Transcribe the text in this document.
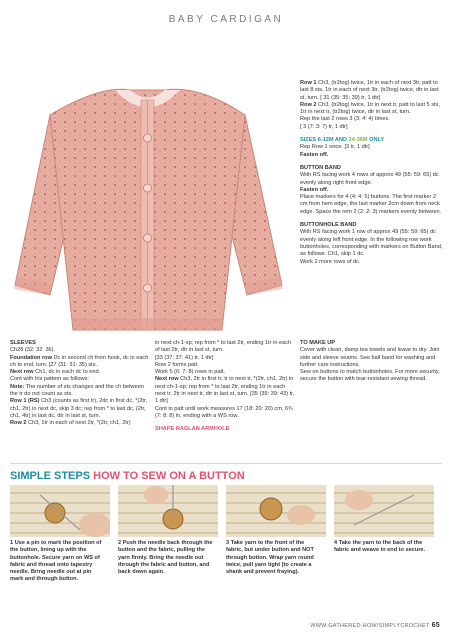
BABY CARDIGAN

Row 1 Ch3, (tr2tog) twice, 1tr in each of next 3tr, patt to last 8 sts, 1tr in each of next 3tr, (tr2tog) twice, dtr in last st, turn. [ 31 (35: 35: 39) tr, 1 dtr]

Row 2 Ch3, (tr2tog) twice, 1tr in next tr, patt to last 5 sts, 1tr in next tr, (tr2tog) twice, dtr in last st, turn.

Rep the last 2 rows 3 (3: 4: 4) times.

[ 3 (7: 3: 7) tr, 1 dtr]

SIZES 6-12M AND 24-36M ONLY

Rep Row 1 once. [3 tr, 1 dtr]

Fasten off.

BUTTON BAND

With RS facing work 4 rows of approx 49 (55: 59: 65) dc evenly along right front edge.

Fasten off.

Place markers for 4 (4: 4: 5) buttons. The first marker 2 cm from hem edge, the last marker 2cm down from neck edge. Space the rem 2 (2: 2: 3) markers evenly between.

BUTTONHOLE BAND

With RS facing work 1 row of approx 49 (55: 59: 65) dc evenly along left front edge. In the following row work buttonholes, corresponding with markers on Button Band, as follows: Ch1, skip 1 dc.

Work 2 more rows of dc.

SLEEVES

Ch28 (32: 32: 36).

Foundation row Dc in second ch from hook, dc in each ch to end, turn. [27 (31: 31: 35) sts.

Next row Ch1, dc in each dc to end.

Cont with Iris pattern as follows:

Note: The number of sts changes and the ch between the tr do not count as sts.

Row 1 (RS) Ch3 (counts as first tr), 2dc in first dc, *(2tr, ch1, 2tr) in next dc, skip 3 dc; rep from * to last dc, (2tr, ch1, 4tr) in last dc, dtr in last st, turn.

Row 2 Ch3, 1tr in each of next 2tr, *(2tr, ch1, 2tr)

in next ch-1-sp; rep from * to last 2tr, ending 1tr in each of last 2tr, dtr in last st, turn.

[33 (37: 37: 41) tr, 1 dtr]

Row 2 forms patt.

Work 5 (6: 7: 8) rows in patt.

Next row Ch3, 2tr in first tr, tr in next tr, *(2tr, ch1, 2tr) in next ch-1-sp; rep from * to last 2tr, ending 1tr in each next tr, 2tr in next tr, dtr in last st, turn. [35 (39: 39: 43) tr, 1 dtr]

Cont in patt until work measures 17 (18: 20: 20) cm, 6¾ (7: 8: 8) in, ending with a WS row.

SHAPE RAGLAN ARMHOLE

TO MAKE UP

Cover with clean, damp tea towels and leave to dry. Join side and sleeve seams. See ball band for washing and further care instructions.

Sew on buttons to match buttonholes. For more security, secure the button with tear-resistant sewing thread.

SIMPLE STEPS HOW TO SEW ON A BUTTON
1 Use a pin to mark the position of the button, lining up with the buttonhole. Secure yarn on WS of fabric and thread onto tapestry needle. Bring needle out at pin mark and through button.
2 Push the needle back through the button and the fabric, pulling the yarn firmly. Bring the needle out through the fabric and button, and back down again.
3 Take yarn to the front of the fabric, but under button and NOT through button. Wrap yarn round twice, pull yarn tight (to create a shank and prevent fraying).
4 Take the yarn to the back of the fabric and weave in end to secure.
WWW.GATHERED.HOW/SIMPLYCROCHET 65
